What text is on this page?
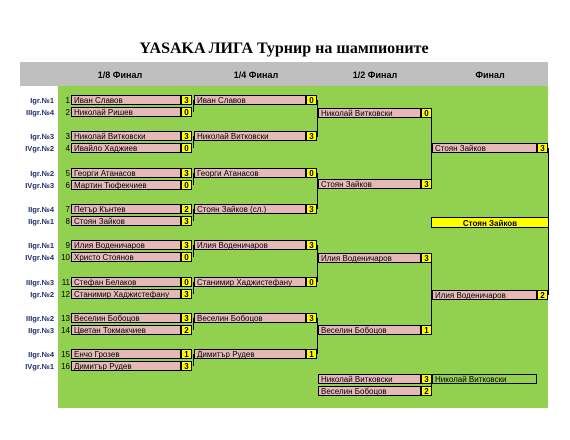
YASAKA ЛИГА Турнир на шампионите
1/8 Финал	1/4 Финал	1/2 Финал	Финал
Igr.№1	1 Иван Славов	3
IIIgr.№4	2 Николай Ришев	0
Igr.№3	3 Николай Витковски	3
IVgr.№2	4 Ивайло Хаджиев	0
Igr.№2	5 Георги Атанасов	3
IVgr.№3	6 Мартин Тюфекчиев	0
IIgr.№4	7 Петър Кънтев	2
IIgr.№1	8 Стоян Зайков	3
IIgr.№1	9 Илия Воденичаров	3
IVgr.№4 10 Христо Стоянов	0
IIIgr.№3 11 Стефан Белаков	0
Igr.№2 12 Станимир Хаджистефану	3
IIIgr.№2 13 Веселин Бобоцов	3
IIgr.№3 14 Цветан Токмакчиев	2
IIgr.№4 15 Енчо Грозев	1
IVgr.№1 16 Димитър Рудев	3
Иван Славов	0
Николай Витковски	3
Георги Атанасов	0
Стоян Зайков (сл.)	3
Илия Воденичаров	3
Станимир Хаджистефану	0
Веселин Бобоцов	3
Димитър Рудев	1
Николай Витковски	0
Стоян Зайков	3
Илия Воденичаров	3
Веселин Бобоцов	1
Стоян Зайков	3
Стоян Зайков
Илия Воденичаров	2
Николай Витковски	3
Веселин Бобоцов	2
Николай Витковски
